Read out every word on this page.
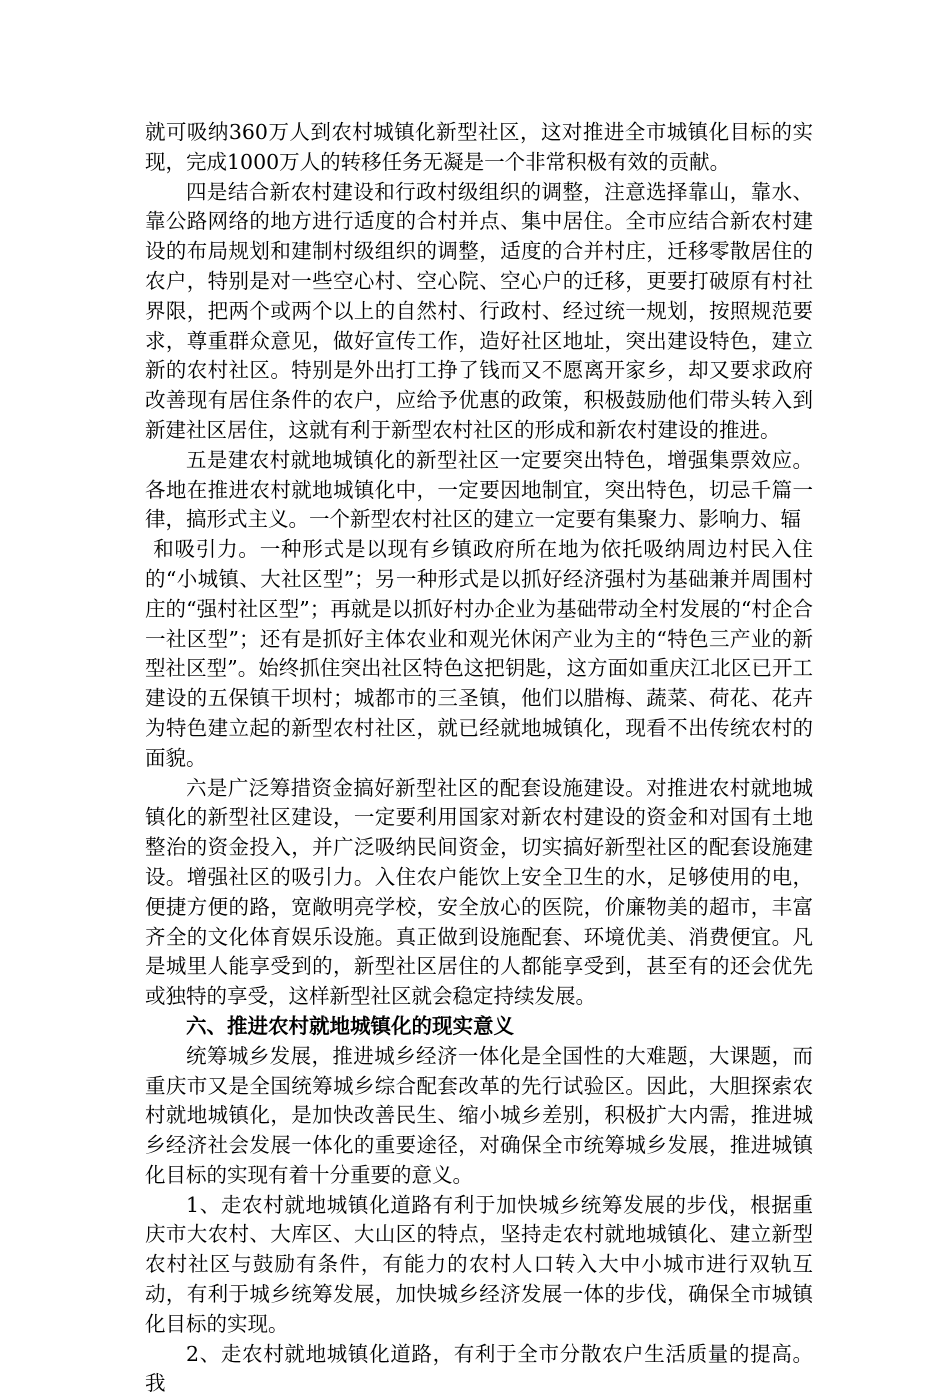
就可吸纳360万人到农村城镇化新型社区，这对推进全市城镇化目标的实现，完成1000万人的转移任务无凝是一个非常积极有效的贡献。

四是结合新农村建设和行政村级组织的调整，注意选择靠山，靠水、靠公路网络的地方进行适度的合村并点、集中居住。全市应结合新农村建设的布局规划和建制村级组织的调整，适度的合并村庄，迁移零散居住的农户，特别是对一些空心村、空心院、空心户的迁移，更要打破原有村社界限，把两个或两个以上的自然村、行政村、经过统一规划，按照规范要求，尊重群众意见，做好宣传工作，造好社区地址，突出建设特色，建立新的农村社区。特别是外出打工挣了钱而又不愿离开家乡，却又要求政府改善现有居住条件的农户，应给予优惠的政策，积极鼓励他们带头转入到新建社区居住，这就有利于新型农村社区的形成和新农村建设的推进。

五是建农村就地城镇化的新型社区一定要突出特色，增强集票效应。各地在推进农村就地城镇化中，一定要因地制宜，突出特色，切忌千篇一律，搞形式主义。一个新型农村社区的建立一定要有集聚力、影响力、辐

和吸引力。一种形式是以现有乡镇政府所在地为依托吸纳周边村民入住的“小城镇、大社区型”；另一种形式是以抓好经济强村为基础兼并周围村庄的“强村社区型”；再就是以抓好村办企业为基础带动全村发展的“村企合一社区型”；还有是抓好主体农业和观光休闲产业为主的“特色三产业的新型社区型”。始终抓住突出社区特色这把钥匙，这方面如重庆江北区已开工建设的五保镇干坝村；城都市的三圣镇，他们以腊梅、蔬菜、荷花、花卉为特色建立起的新型农村社区，就已经就地城镇化，现看不出传统农村的面貌。

六是广泛筹措资金搞好新型社区的配套设施建设。对推进农村就地城镇化的新型社区建设，一定要利用国家对新农村建设的资金和对国有土地整治的资金投入，并广泛吸纳民间资金，切实搞好新型社区的配套设施建设。增强社区的吸引力。入住农户能饮上安全卫生的水，足够使用的电，便捷方便的路，宽敞明亮学校，安全放心的医院，价廉物美的超市，丰富齐全的文化体育娱乐设施。真正做到设施配套、环境优美、消费便宜。凡是城里人能享受到的，新型社区居住的人都能享受到，甚至有的还会优先或独特的享受，这样新型社区就会稳定持续发展。

六、推进农村就地城镇化的现实意义

统筹城乡发展，推进城乡经济一体化是全国性的大难题，大课题，而重庆市又是全国统筹城乡综合配套改革的先行试验区。因此，大胆探索农村就地城镇化，是加快改善民生、缩小城乡差别，积极扩大内需，推进城乡经济社会发展一体化的重要途径，对确保全市统筹城乡发展，推进城镇化目标的实现有着十分重要的意义。

1、走农村就地城镇化道路有利于加快城乡统筹发展的步伐，根据重庆市大农村、大库区、大山区的特点，坚持走农村就地城镇化、建立新型农村社区与鼓励有条件，有能力的农村人口转入大中小城市进行双轨互动，有利于城乡统筹发展，加快城乡经济发展一体的步伐，确保全市城镇化目标的实现。

2、走农村就地城镇化道路，有利于全市分散农户生活质量的提高。我
